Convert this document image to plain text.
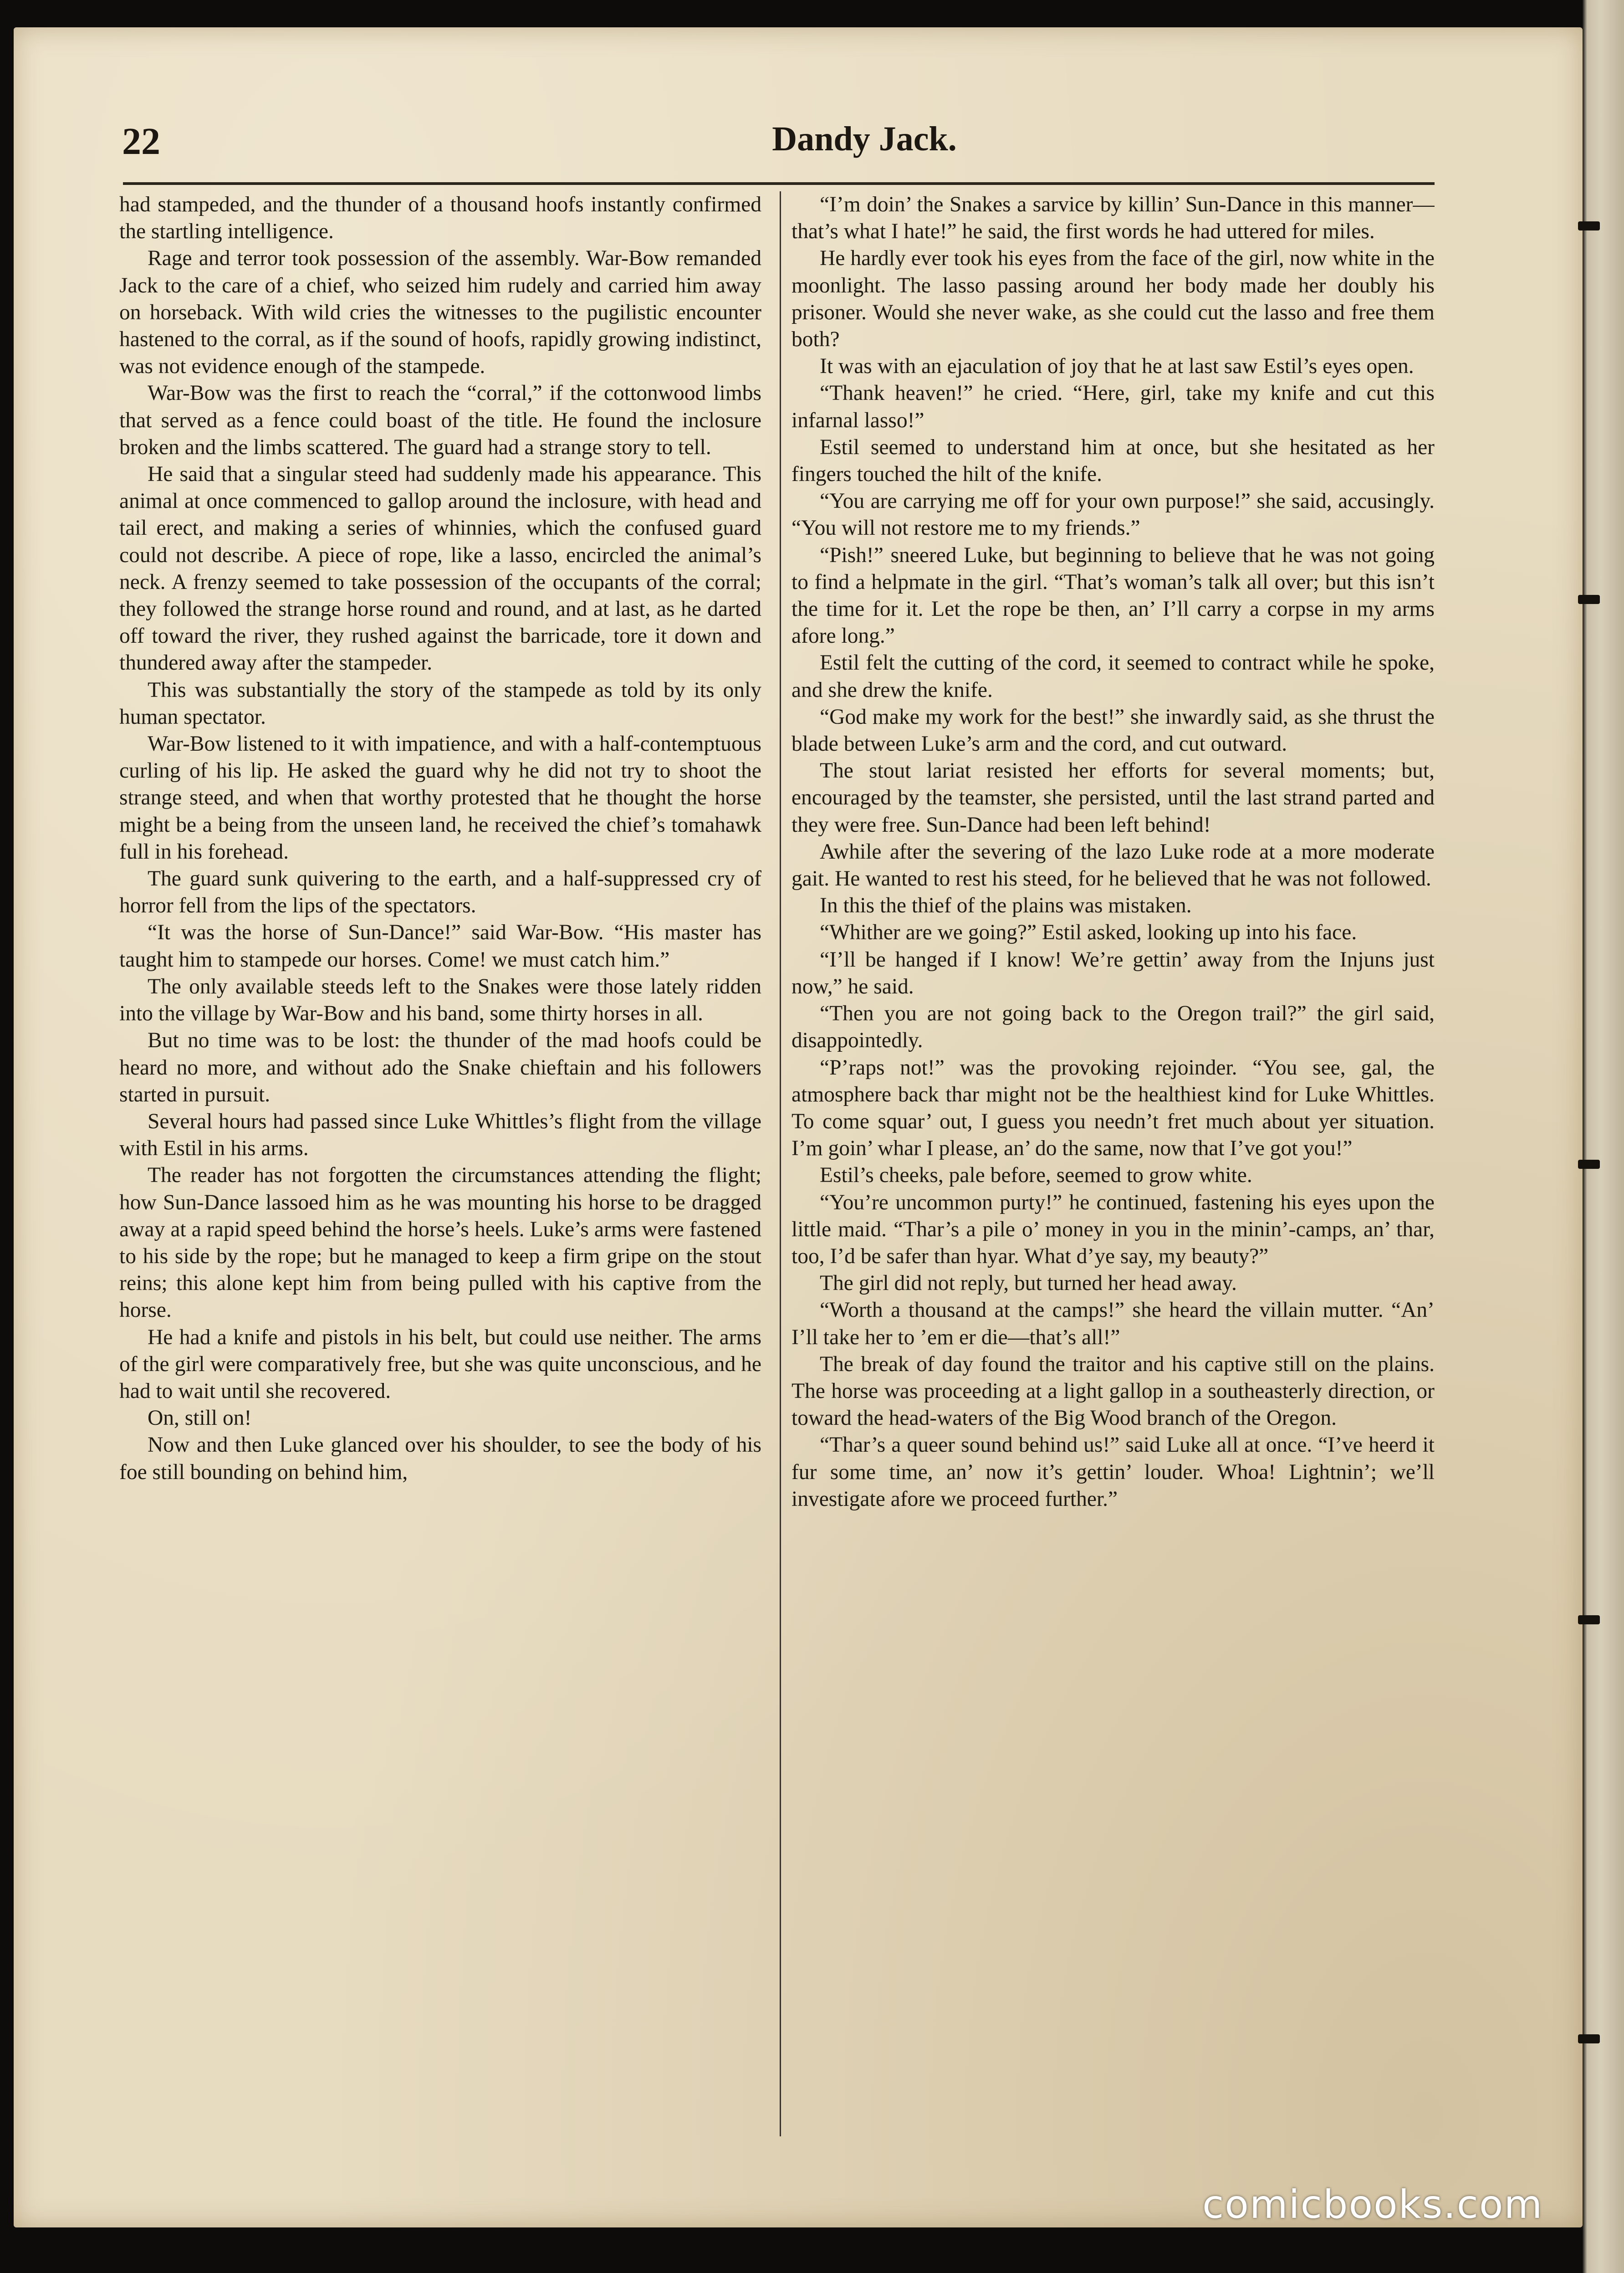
22	Dandy Jack.

had stampeded, and the thunder of a thousand hoofs instantly confirmed the startling intelligence.

Rage and terror took possession of the assembly. War-Bow remanded Jack to the care of a chief, who seized him rudely and carried him away on horseback. With wild cries the witnesses to the pugilistic encounter hastened to the corral, as if the sound of hoofs, rapidly growing indistinct, was not evidence enough of the stampede.

War-Bow was the first to reach the “corral,” if the cottonwood limbs that served as a fence could boast of the title. He found the inclosure broken and the limbs scattered. The guard had a strange story to tell.

He said that a singular steed had suddenly made his appearance. This animal at once commenced to gallop around the inclosure, with head and tail erect, and making a series of whinnies, which the confused guard could not describe. A piece of rope, like a lasso, encircled the animal’s neck. A frenzy seemed to take possession of the occupants of the corral; they followed the strange horse round and round, and at last, as he darted off toward the river, they rushed against the barricade, tore it down and thundered away after the stampeder.

This was substantially the story of the stampede as told by its only human spectator.

War-Bow listened to it with impatience, and with a half-contemptuous curling of his lip. He asked the guard why he did not try to shoot the strange steed, and when that worthy protested that he thought the horse might be a being from the unseen land, he received the chief’s tomahawk full in his forehead.

The guard sunk quivering to the earth, and a half-suppressed cry of horror fell from the lips of the spectators.

“It was the horse of Sun-Dance!” said War-Bow. “His master has taught him to stampede our horses. Come! we must catch him.”

The only available steeds left to the Snakes were those lately ridden into the village by War-Bow and his band, some thirty horses in all.

But no time was to be lost: the thunder of the mad hoofs could be heard no more, and without ado the Snake chieftain and his followers started in pursuit.

Several hours had passed since Luke Whittles’s flight from the village with Estil in his arms.

The reader has not forgotten the circumstances attending the flight; how Sun-Dance lassoed him as he was mounting his horse to be dragged away at a rapid speed behind the horse’s heels. Luke’s arms were fastened to his side by the rope; but he managed to keep a firm gripe on the stout reins; this alone kept him from being pulled with his captive from the horse.

He had a knife and pistols in his belt, but could use neither. The arms of the girl were comparatively free, but she was quite unconscious, and he had to wait until she recovered.

On, still on!

Now and then Luke glanced over his shoulder, to see the body of his foe still bounding on behind him,

“I’m doin’ the Snakes a sarvice by killin’ Sun-Dance in this manner—that’s what I hate!” he said, the first words he had uttered for miles.

He hardly ever took his eyes from the face of the girl, now white in the moonlight. The lasso passing around her body made her doubly his prisoner. Would she never wake, as she could cut the lasso and free them both?

It was with an ejaculation of joy that he at last saw Estil’s eyes open.

“Thank heaven!” he cried. “Here, girl, take my knife and cut this infarnal lasso!”

Estil seemed to understand him at once, but she hesitated as her fingers touched the hilt of the knife.

“You are carrying me off for your own purpose!” she said, accusingly. “You will not restore me to my friends.”

“Pish!” sneered Luke, but beginning to believe that he was not going to find a helpmate in the girl. “That’s woman’s talk all over; but this isn’t the time for it. Let the rope be then, an’ I’ll carry a corpse in my arms afore long.”

Estil felt the cutting of the cord, it seemed to contract while he spoke, and she drew the knife.

“God make my work for the best!” she inwardly said, as she thrust the blade between Luke’s arm and the cord, and cut outward.

The stout lariat resisted her efforts for several moments; but, encouraged by the teamster, she persisted, until the last strand parted and they were free. Sun-Dance had been left behind!

Awhile after the severing of the lazo Luke rode at a more moderate gait. He wanted to rest his steed, for he believed that he was not followed.

In this the thief of the plains was mistaken.

“Whither are we going?” Estil asked, looking up into his face.

“I’ll be hanged if I know! We’re gettin’ away from the Injuns just now,” he said.

“Then you are not going back to the Oregon trail?” the girl said, disappointedly.

“P’raps not!” was the provoking rejoinder. “You see, gal, the atmosphere back thar might not be the healthiest kind for Luke Whittles. To come squar’ out, I guess you needn’t fret much about yer situation. I’m goin’ whar I please, an’ do the same, now that I’ve got you!”

Estil’s cheeks, pale before, seemed to grow white.

“You’re uncommon purty!” he continued, fastening his eyes upon the little maid. “Thar’s a pile o’ money in you in the minin’-camps, an’ thar, too, I’d be safer than hyar. What d’ye say, my beauty?”

The girl did not reply, but turned her head away.

“Worth a thousand at the camps!” she heard the villain mutter. “An’ I’ll take her to ’em er die—that’s all!”

The break of day found the traitor and his captive still on the plains. The horse was proceeding at a light gallop in a southeasterly direction, or toward the head-waters of the Big Wood branch of the Oregon.

“Thar’s a queer sound behind us!” said Luke all at once. “I’ve heerd it fur some time, an’ now it’s gettin’ louder. Whoa! Lightnin’; we’ll investigate afore we proceed further.”

comicbooks.com
